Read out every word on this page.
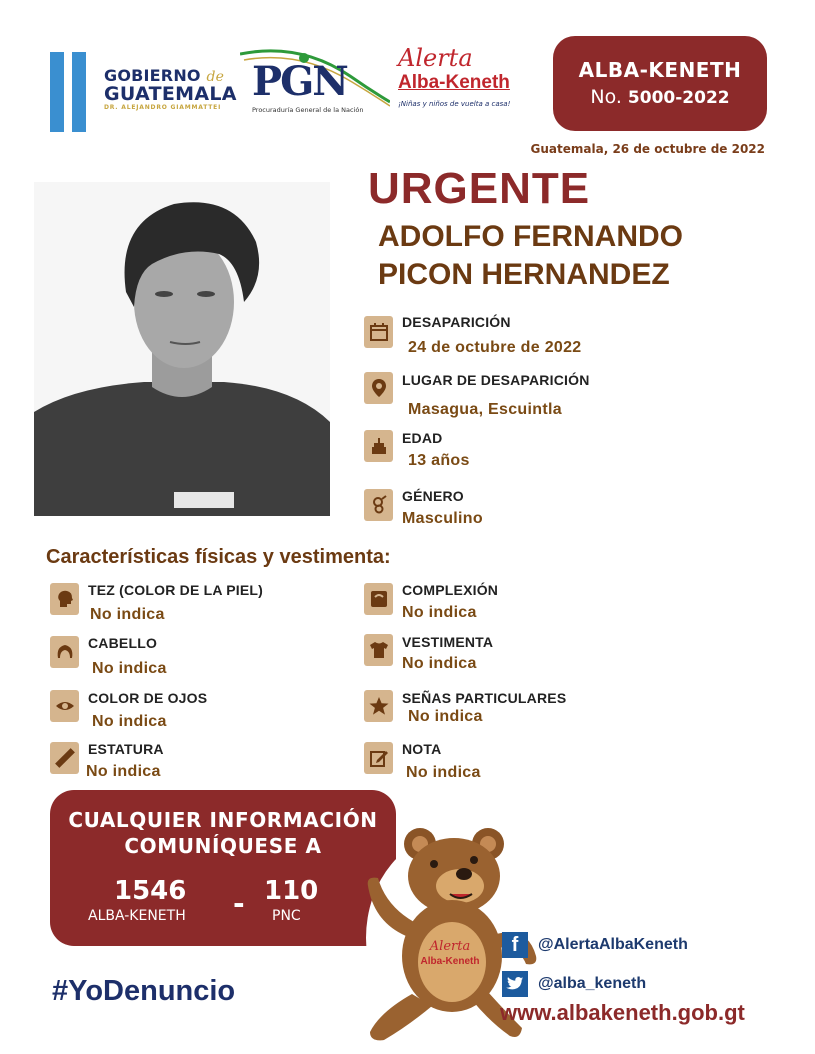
GOBIERNO de
GUATEMALA
DR. ALEJANDRO GIAMMATTEI
PGN
Procuraduría General de la Nación
Alerta
Alba-Keneth
¡Niñas y niños de vuelta a casa!
ALBA-KENETH
No. 5000-2022
Guatemala, 26 de octubre de 2022
URGENTE
ADOLFO FERNANDO
PICON HERNANDEZ
DESAPARICIÓN
24 de octubre de 2022
LUGAR DE DESAPARICIÓN
Masagua, Escuintla
EDAD
13 años
GÉNERO
Masculino
Características físicas y vestimenta:
TEZ (COLOR DE LA PIEL)
No indica
CABELLO
No indica
COLOR DE OJOS
No indica
ESTATURA
No indica
COMPLEXIÓN
No indica
VESTIMENTA
No indica
SEÑAS PARTICULARES
No indica
NOTA
No indica
CUALQUIER INFORMACIÓN
COMUNÍQUESE A
1546
ALBA-KENETH - 110
PNC
#YoDenuncio
Alerta
Alba-Keneth
f	@AlertaAlbaKeneth
@alba_keneth
www.albakeneth.gob.gt
